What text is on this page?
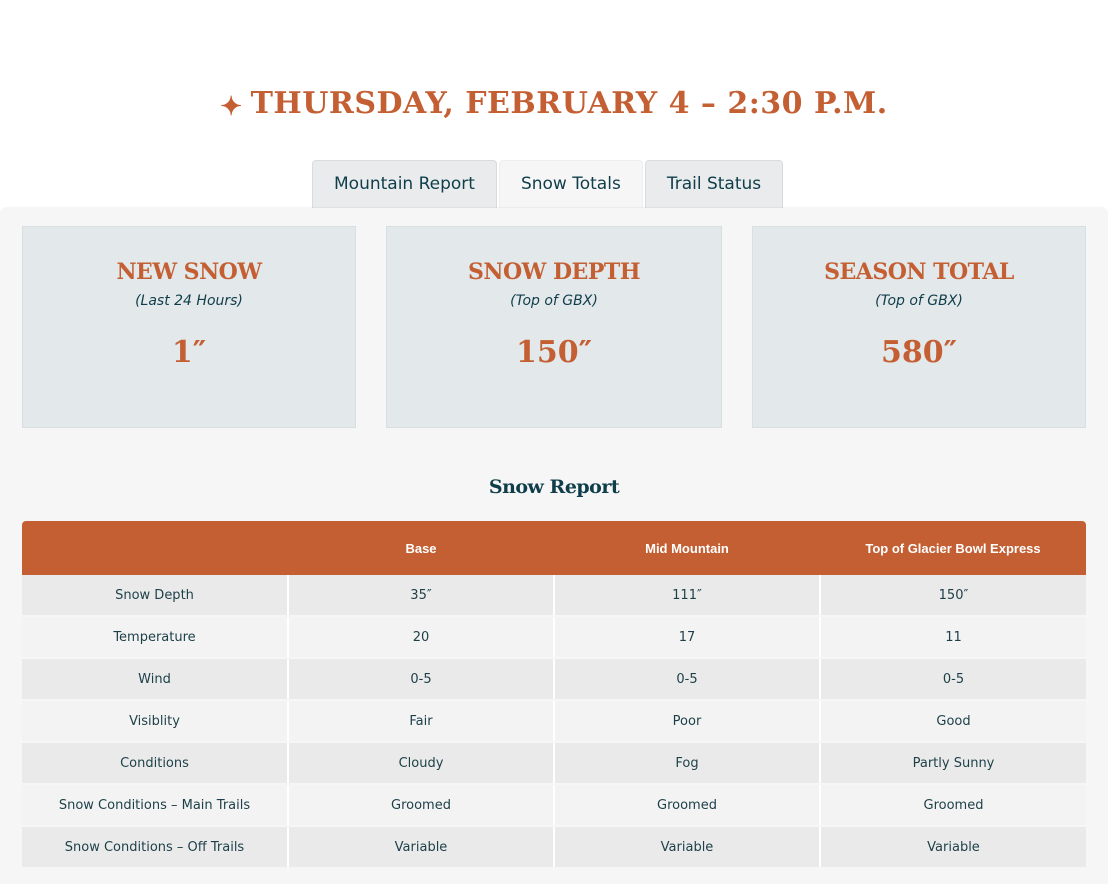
✦ THURSDAY, FEBRUARY 4 – 2:30 P.M.
Mountain Report	Snow Totals	Trail Status
NEW SNOW
(Last 24 Hours)
1″
SNOW DEPTH
(Top of GBX)
150″
SEASON TOTAL
(Top of GBX)
580″
Snow Report
	Base	Mid Mountain	Top of Glacier Bowl Express
Snow Depth	35″	111″	150″
Temperature	20	17	11
Wind	0-5	0-5	0-5
Visiblity	Fair	Poor	Good
Conditions	Cloudy	Fog	Partly Sunny
Snow Conditions – Main Trails	Groomed	Groomed	Groomed
Snow Conditions – Off Trails	Variable	Variable	Variable
